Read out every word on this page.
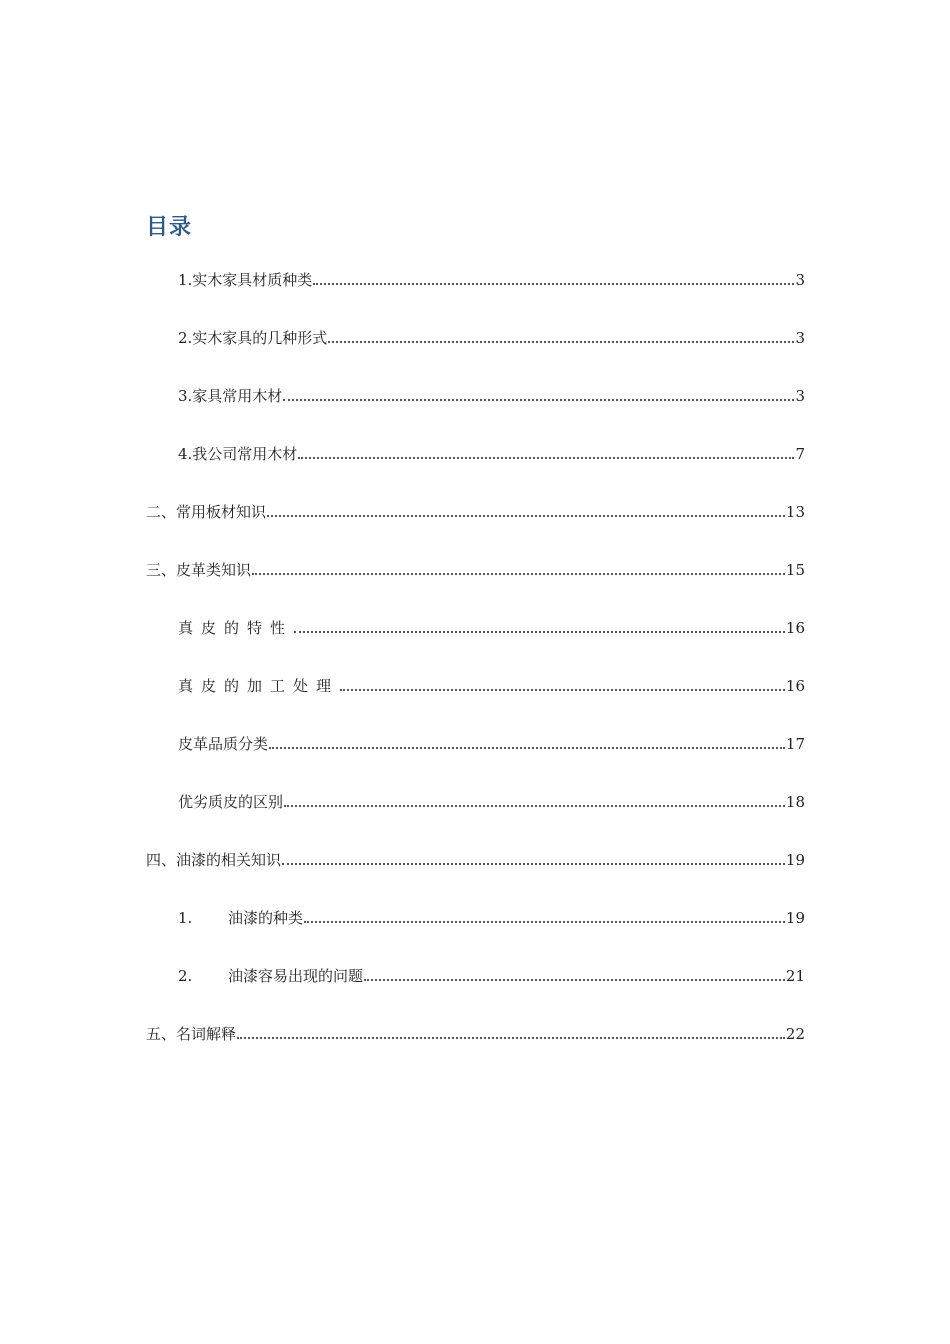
目录
1.实木家具材质种类	3
2.实木家具的几种形式	3
3.家具常用木材	3
4.我公司常用木材	7
二、常用板材知识	13
三、皮革类知识	15
真皮的特性	16
真皮的加工处理	16
皮革品质分类	17
优劣质皮的区别	18
四、油漆的相关知识	19
1. 油漆的种类	19
2. 油漆容易出现的问题	21
五、名词解释	22
